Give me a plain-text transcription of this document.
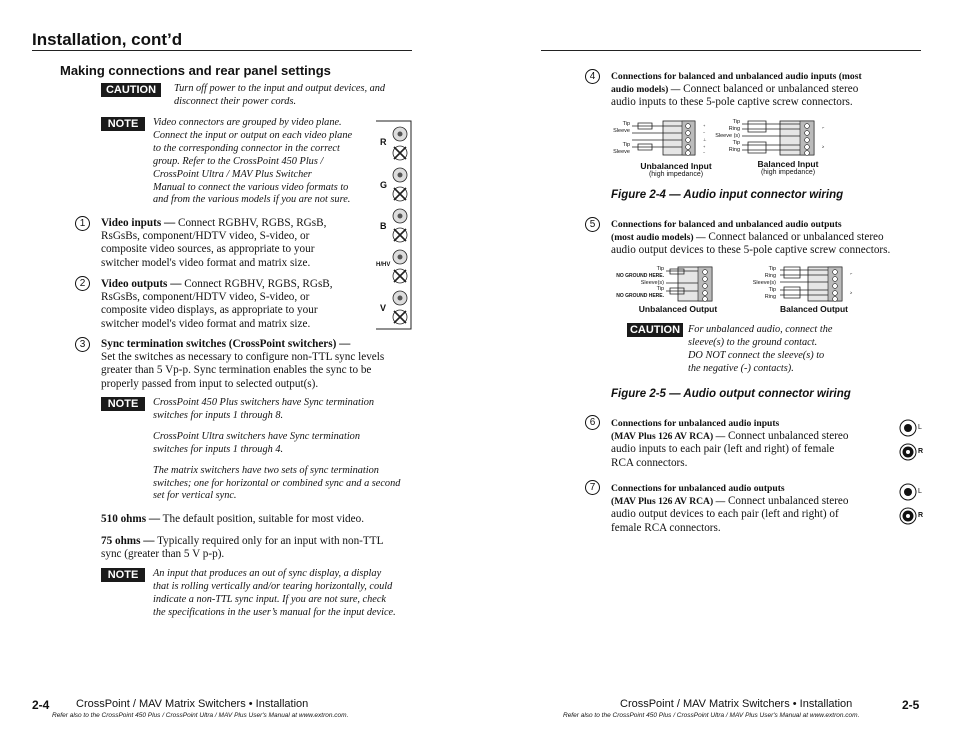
Installation, cont’d
Making connections and rear panel settings
CAUTION	Turn off power to the input and output devices, and
disconnect their power cords.
NOTE	Video connectors are grouped by video plane.
Connect the input or output on each video plane
to the corresponding connector in the correct
group. Refer to the CrossPoint 450 Plus /
CrossPoint Ultra / MAV Plus Switcher
Manual to connect the various video formats to
and from the various models if you are not sure.
R
G
B
H/HV
V
1	Video inputs — Connect RGBHV, RGBS, RGsB,
RsGsBs, component/HDTV video, S-video, or
composite video sources, as appropriate to your
switcher model's video format and matrix size.
2	Video outputs — Connect RGBHV, RGBS, RGsB,
RsGsBs, component/HDTV video, S-video, or
composite video displays, as appropriate to your
switcher model's video format and matrix size.
3	Sync termination switches (CrossPoint switchers) —
Set the switches as necessary to configure non-TTL sync levels
greater than 5 Vp-p. Sync termination enables the sync to be
properly passed from input to selected output(s).
NOTE	CrossPoint 450 Plus switchers have Sync termination
switches for inputs 1 through 8.
CrossPoint Ultra switchers have Sync termination
switches for inputs 1 through 4.
The matrix switchers have two sets of sync termination
switches; one for horizontal or combined sync and a second
set for vertical sync.
510 ohms — The default position, suitable for most video.
75 ohms — Typically required only for an input with non-TTL
sync (greater than 5 V p-p).
NOTE	An input that produces an out of sync display, a display
that is rolling vertically and/or tearing horizontally, could
indicate a non-TTL sync input. If you are not sure, check
the specifications in the user’s manual for the input device.
2-4 CrossPoint / MAV Matrix Switchers • Installation
Refer also to the CrossPoint 450 Plus / CrossPoint Ultra / MAV Plus User's Manual at www.extron.com.
4	Connections for balanced and unbalanced audio inputs (most
audio models) — Connect balanced or unbalanced stereo
audio inputs to these 5-pole captive screw connectors.
+
−
⊥
+
−
Tip
Sleeve
Tip
Sleeve
Unbalanced Input
(high impedance)
⌐
≥
Tip
Ring
Sleeve (s)
Tip
Ring
Balanced Input
(high impedance)
Figure 2-4 — Audio input connector wiring
5	Connections for balanced and unbalanced audio outputs
(most audio models) — Connect balanced or unbalanced stereo
audio output devices to these 5-pole captive screw connectors.
Tip
NO GROUND HERE.
Sleeve(s)
Tip
NO GROUND HERE.
Unbalanced Output
⌐
≥
Tip
Ring
Sleeve(s)
Tip
Ring
Balanced Output
CAUTION For unbalanced audio, connect the
sleeve(s) to the ground contact.
DO NOT connect the sleeve(s) to
the negative (-) contacts).
Figure 2-5 — Audio output connector wiring
6	Connections for unbalanced audio inputs
(MAV Plus 126 AV RCA) — Connect unbalanced stereo
audio inputs to each pair (left and right) of female
RCA connectors.
7	Connections for unbalanced audio outputs
(MAV Plus 126 AV RCA) — Connect unbalanced stereo
audio output devices to each pair (left and right) of
female RCA connectors.
L
R
L
R
CrossPoint / MAV Matrix Switchers • Installation	2-5
Refer also to the CrossPoint 450 Plus / CrossPoint Ultra / MAV Plus User's Manual at www.extron.com.
